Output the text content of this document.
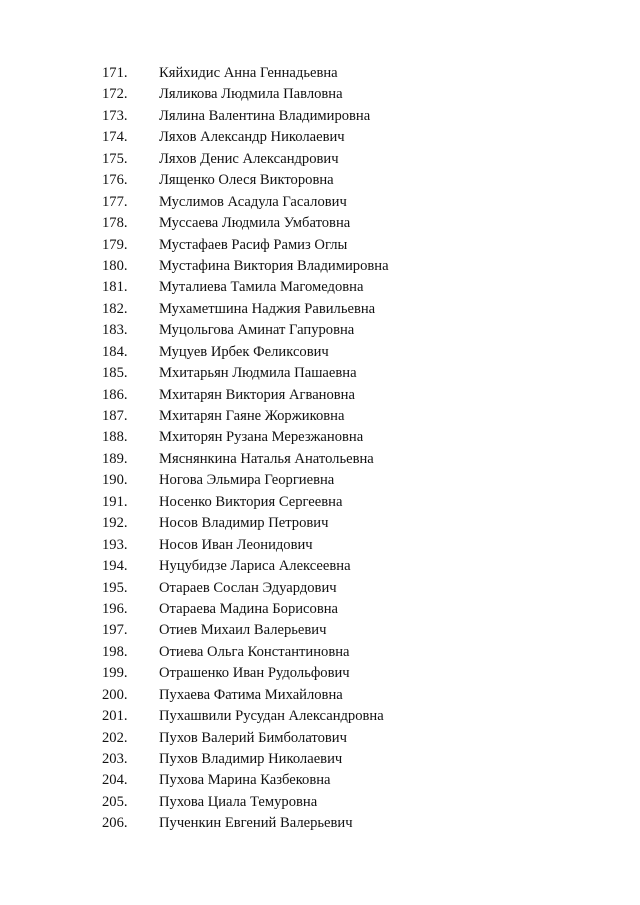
171. Кяйхидис Анна Геннадьевна
172. Ляликова Людмила Павловна
173. Лялина Валентина Владимировна
174. Ляхов Александр Николаевич
175. Ляхов Денис Александрович
176. Лященко Олеся Викторовна
177. Муслимов Асадула Гасалович
178. Муссаева Людмила Умбатовна
179. Мустафаев Расиф Рамиз Оглы
180. Мустафина Виктория Владимировна
181. Муталиева Тамила Магомедовна
182. Мухаметшина Наджия Равильевна
183. Муцольгова Аминат Гапуровна
184. Муцуев Ирбек Феликсович
185. Мхитарьян Людмила Пашаевна
186. Мхитарян Виктория Агвановна
187. Мхитарян Гаяне Жоржиковна
188. Мхиторян Рузана Мерезжановна
189. Мяснянкина Наталья Анатольевна
190. Ногова Эльмира Георгиевна
191. Носенко Виктория Сергеевна
192. Носов Владимир Петрович
193. Носов Иван Леонидович
194. Нуцубидзе Лариса Алексеевна
195. Отараев Сослан Эдуардович
196. Отараева Мадина Борисовна
197. Отиев Михаил Валерьевич
198. Отиева Ольга Константиновна
199. Отрашенко Иван Рудольфович
200. Пухаева Фатима Михайловна
201. Пухашвили Русудан Александровна
202. Пухов Валерий Бимболатович
203. Пухов Владимир Николаевич
204. Пухова Марина Казбековна
205. Пухова Циала Темуровна
206. Пученкин Евгений Валерьевич
